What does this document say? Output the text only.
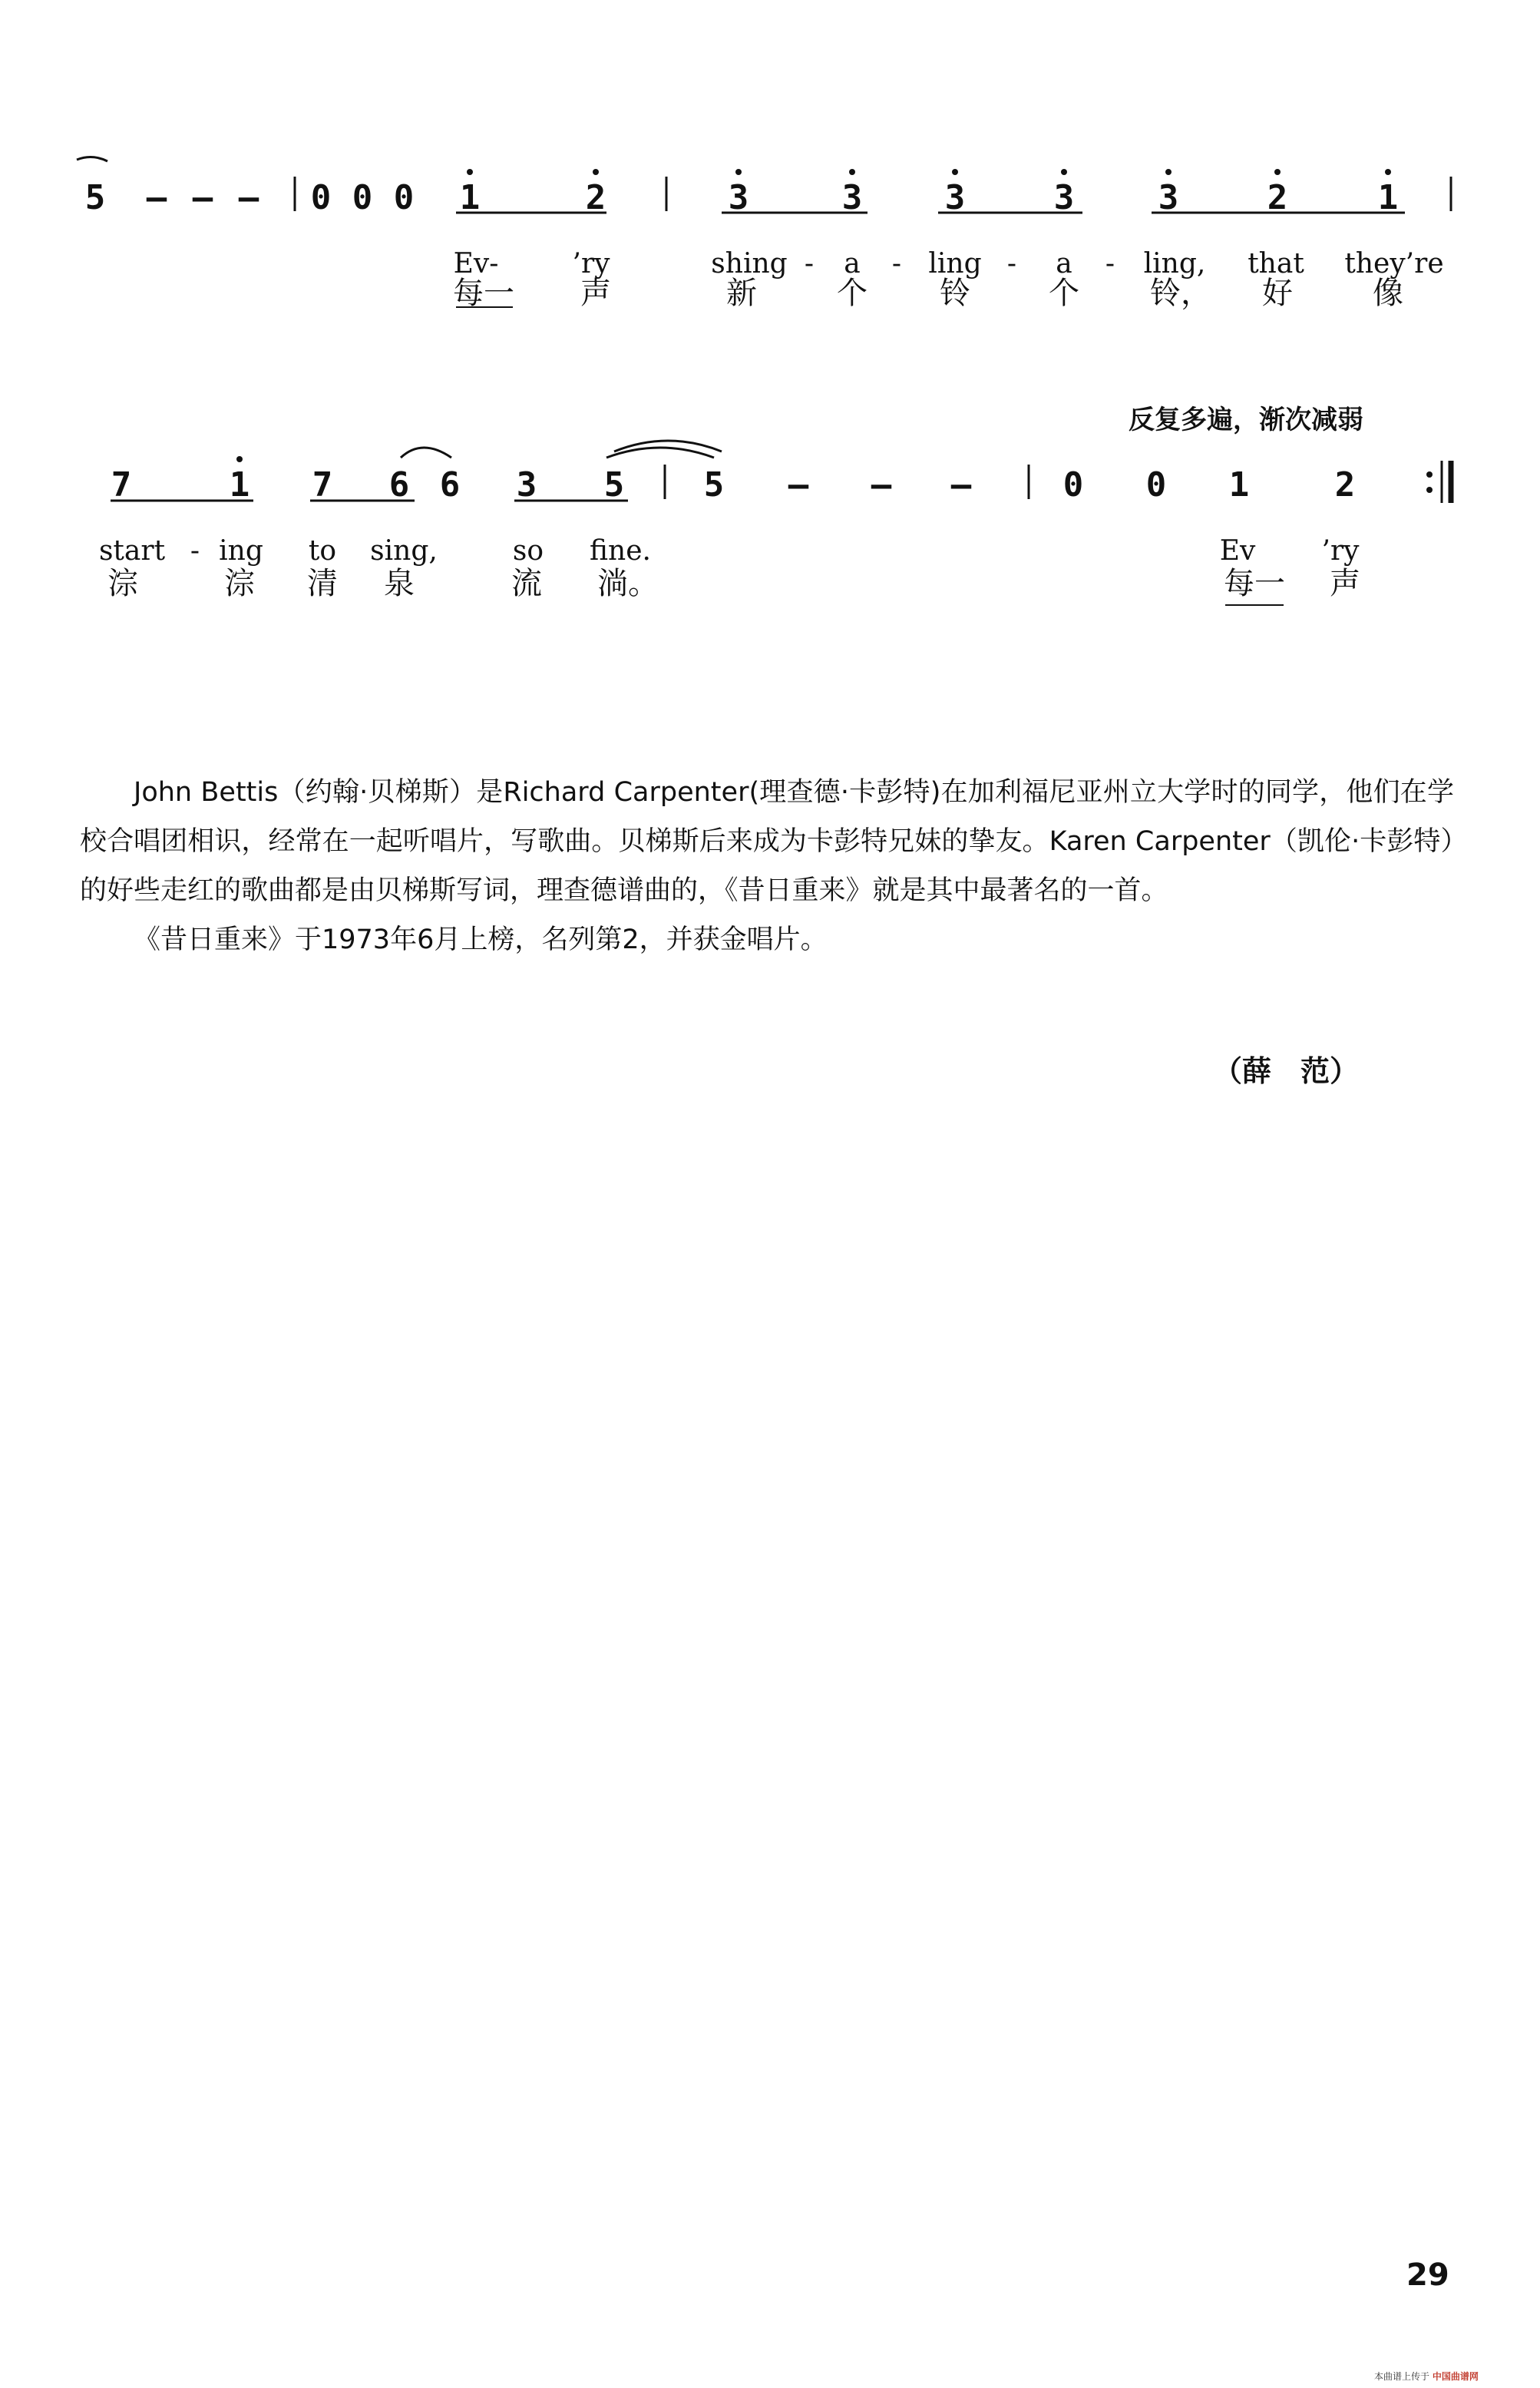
5 – – – 0 0 0 1	2	3	3 3	3 3	2	1
Ev-	’ry	shing - a - ling - a - ling, that they’re
每一 声	新	个 铃	个 铃， 好	像
反复多遍，渐次减弱
7	1 7 6 6 3 5 5 – – –	0 0 1	2
start - ing to sing,	so fine.	Ev ’ry
淙	淙 清 泉	流 淌。	每一 声

John Bettis（约翰·贝梯斯）是Richard Carpenter(理查德·卡彭特)在加利福尼亚州立大学时的同学，他们在学校合唱团相识，经常在一起听唱片，写歌曲。贝梯斯后来成为卡彭特兄妹的挚友。Karen Carpenter（凯伦·卡彭特）的好些走红的歌曲都是由贝梯斯写词，理查德谱曲的，《昔日重来》就是其中最著名的一首。

《昔日重来》于1973年6月上榜，名列第2，并获金唱片。

（薛　范）
29
本曲谱上传于 中国曲谱网
